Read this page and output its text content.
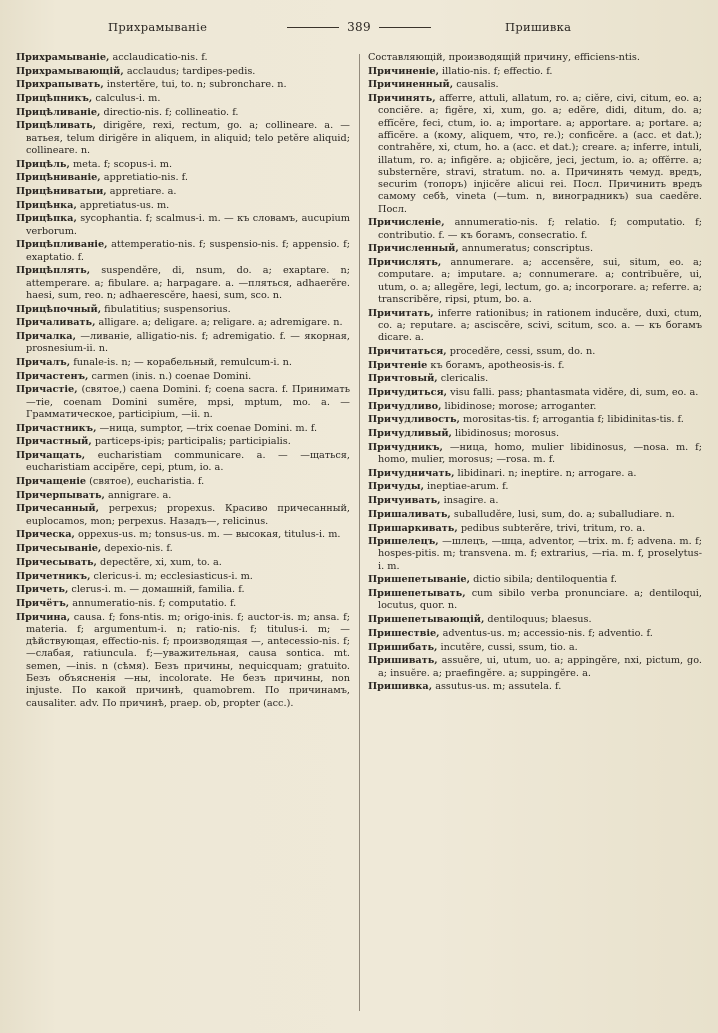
Прихрамываніе	389	Пришивка
Прихрамываніе, acclaudicatio-nis. f.
Прихрамывающій, acclaudus; tardipes-pedis.
Прихрапывать, instertĕre, tui, to. n; subronchare. n.
Прицѣпникъ, calculus-i. m.
Прицѣливаніе, directio-nis. f; collineatio. f.
Прицѣливать, dirigĕre, rexi, rectum, go. a; collineare. a. —ватьея, telum dirigĕre in aliquem, in aliquid; telo petĕre aliquid; collineare. n.
Прицѣль, meta. f; scopus-i. m.
Прицѣниваніе, appretiatio-nis. f.
Прицѣниватыи, appretiare. a.
Прицѣнка, appretiatus-us. m.
Прицѣпка, sycophantia. f; scalmus-i. m. — къ словамъ, aucupium verborum.
Прицѣпливаніе, attemperatio-nis. f; suspensio-nis. f; appensio. f; exaptatio. f.
Прицѣплять, suspendĕre, di, nsum, do. a; exaptare. n; attemperare. a; fibulare. a; harpagare. a. —пляться, adhaerĕre. haesi, sum, reo. n; adhaerescĕre, haesi, sum, sco. n.
Прицѣпочный, fibulatitius; suspensorius.
Причаливать, alligare. a; deligare. a; religare. a; adremigare. n.
Причалка, —ливаніе, alligatio-nis. f; adremigatio. f. — якорная, prosnesium-ii. n.
Причалъ, funale-is. n; — корабельный, remulcum-i. n.
Причастенъ, carmen (inis. n.) coenae Domini.
Причастіе, (святое,) caena Domini. f; coena sacra. f. Принимать —тіе, coenam Domini sumĕre, mpsi, mptum, mo. a. — Грамматическое, participium, —ii. n.
Причастникъ, —ница, sumptor, —trix coenae Domini. m. f.
Причастный, particeps-ipis; participalis; participialis.
Причащать, eucharistiam communicare. a. — —щаться, eucharistiam accipĕre, cepi, ptum, io. a.
Причащеніе (святое), eucharistia. f.
Причерпывать, annigrare. a.
Причесанный, perpexus; propexus. Красиво причесанный, euplocamos, mon; perpexus. Назадъ—, relicinus.
Прическа, oppexus-us. m; tonsus-us. m. — высокая, titulus-i. m.
Причесываніе, depexio-nis. f.
Причесывать, depectĕre, xi, xum, to. a.
Причетникъ, clericus-i. m; ecclesiasticus-i. m.
Причеть, clerus-i. m. — домашній, familia. f.
Причётъ, annumeratio-nis. f; computatio. f.
Причина, causa. f; fons-ntis. m; origo-inis. f; auctor-is. m; ansa. f; materia. f; argumentum-i. n; ratio-nis. f; titulus-i. m; — дѣйствующая, effectio-nis. f; производящая —, antecessio-nis. f;—слабая, ratiuncula. f;—уважительная, causa sontica. mt. semen, —inis. n (сѣмя). Безъ причины, nequicquam; gratuito. Безъ объясненія —ны, incolorate. Не безъ причины, non injuste. По какой причинѣ, quamobrem. По причинамъ, causaliter. adv. По причинѣ, praep. ob, propter (acc.).
Составляющій, производящій причину, efficiens-ntis.
Причиненіе, illatio-nis. f; effectio. f.
Причиненный, causalis.
Причинять, afferre, attuli, allatum, ro. a; ciĕre, civi, citum, eo. a; conciĕre. a; figĕre, xi, xum, go. a; edĕre, didi, ditum, do. a; effĭcĕre, feci, ctum, io. a; importare. a; apportare. a; portare. a; afficĕre. a (кому, aliquem, что, re.); conficĕre. a (acc. et dat.); contrahĕre, xi, ctum, ho. a (acc. et dat.); creare. a; inferre, intuli, illatum, ro. a; infigĕre. a; objicĕre, jeci, jectum, io. a; offĕrre. a; substernĕre, stravi, stratum. no. a. Причинять чемуд. вредъ, securim (топоръ) injicĕre alicui rei. Посл. Причинить вредъ самому себѣ, vineta (—tum. n, виноградникъ) sua caedĕre. Посл.
Причисленіе, annumeratio-nis. f; relatio. f; computatio. f; contributio. f. — къ богамъ, consecratio. f.
Причисленный, annumeratus; conscriptus.
Причислять, annumerare. a; accensĕre, sui, situm, eo. a; computare. a; imputare. a; connumerare. a; contribuĕre, ui, utum, o. a; allegĕre, legi, lectum, go. a; incorporare. a; referre. a; transcribĕre, ripsi, ptum, bo. a.
Причитать, inferre rationibus; in rationem inducĕre, duxi, ctum, co. a; reputare. a; asciscĕre, scivi, scitum, sco. a. — къ богамъ dicare. a.
Причитаться, procedĕre, cessi, ssum, do. n.
Причтеніе къ богамъ, apotheosis-is. f.
Причтовый, clericalis.
Причудиться, visu falli. pass; phantasmata vidĕre, di, sum, eo. a.
Причудливо, libidinose; morose; arroganter.
Причудливость, morositas-tis. f; arrogantia f; libidinitas-tis. f.
Причудливый, libidinosus; morosus.
Причудникъ, —ница, homo, mulier libidinosus, —nosa. m. f; homo, mulier, morosus; —rosa. m. f.
Причудничать, libidinari. n; ineptire. n; arrogare. a.
Причуды, ineptiae-arum. f.
Причуивать, insagire. a.
Пришаливать, suballudĕre, lusi, sum, do. a; suballudiare. n.
Пришаркивать, pedibus subterĕre, trivi, tritum, ro. a.
Пришелецъ, —шлецъ, —шца, adventor, —trix. m. f; advena. m. f; hospes-pitis. m; transvena. m. f; extrarius, —ria. m. f, proselytus-i. m.
Пришепетываніе, dictio sibila; dentiloquentia f.
Пришепетывать, cum sibilo verba pronunciare. a; dentiloqui, locutus, quor. n.
Пришепетывающій, dentiloquus; blaesus.
Пришествіе, adventus-us. m; accessio-nis. f; adventio. f.
Пришибать, incutĕre, cussi, ssum, tio. a.
Пришивать, assuĕre, ui, utum, uo. a; appingĕre, nxi, pictum, go. a; insuĕre. a; praefingĕre. a; suppingĕre. a.
Пришивка, assutus-us. m; assutela. f.
